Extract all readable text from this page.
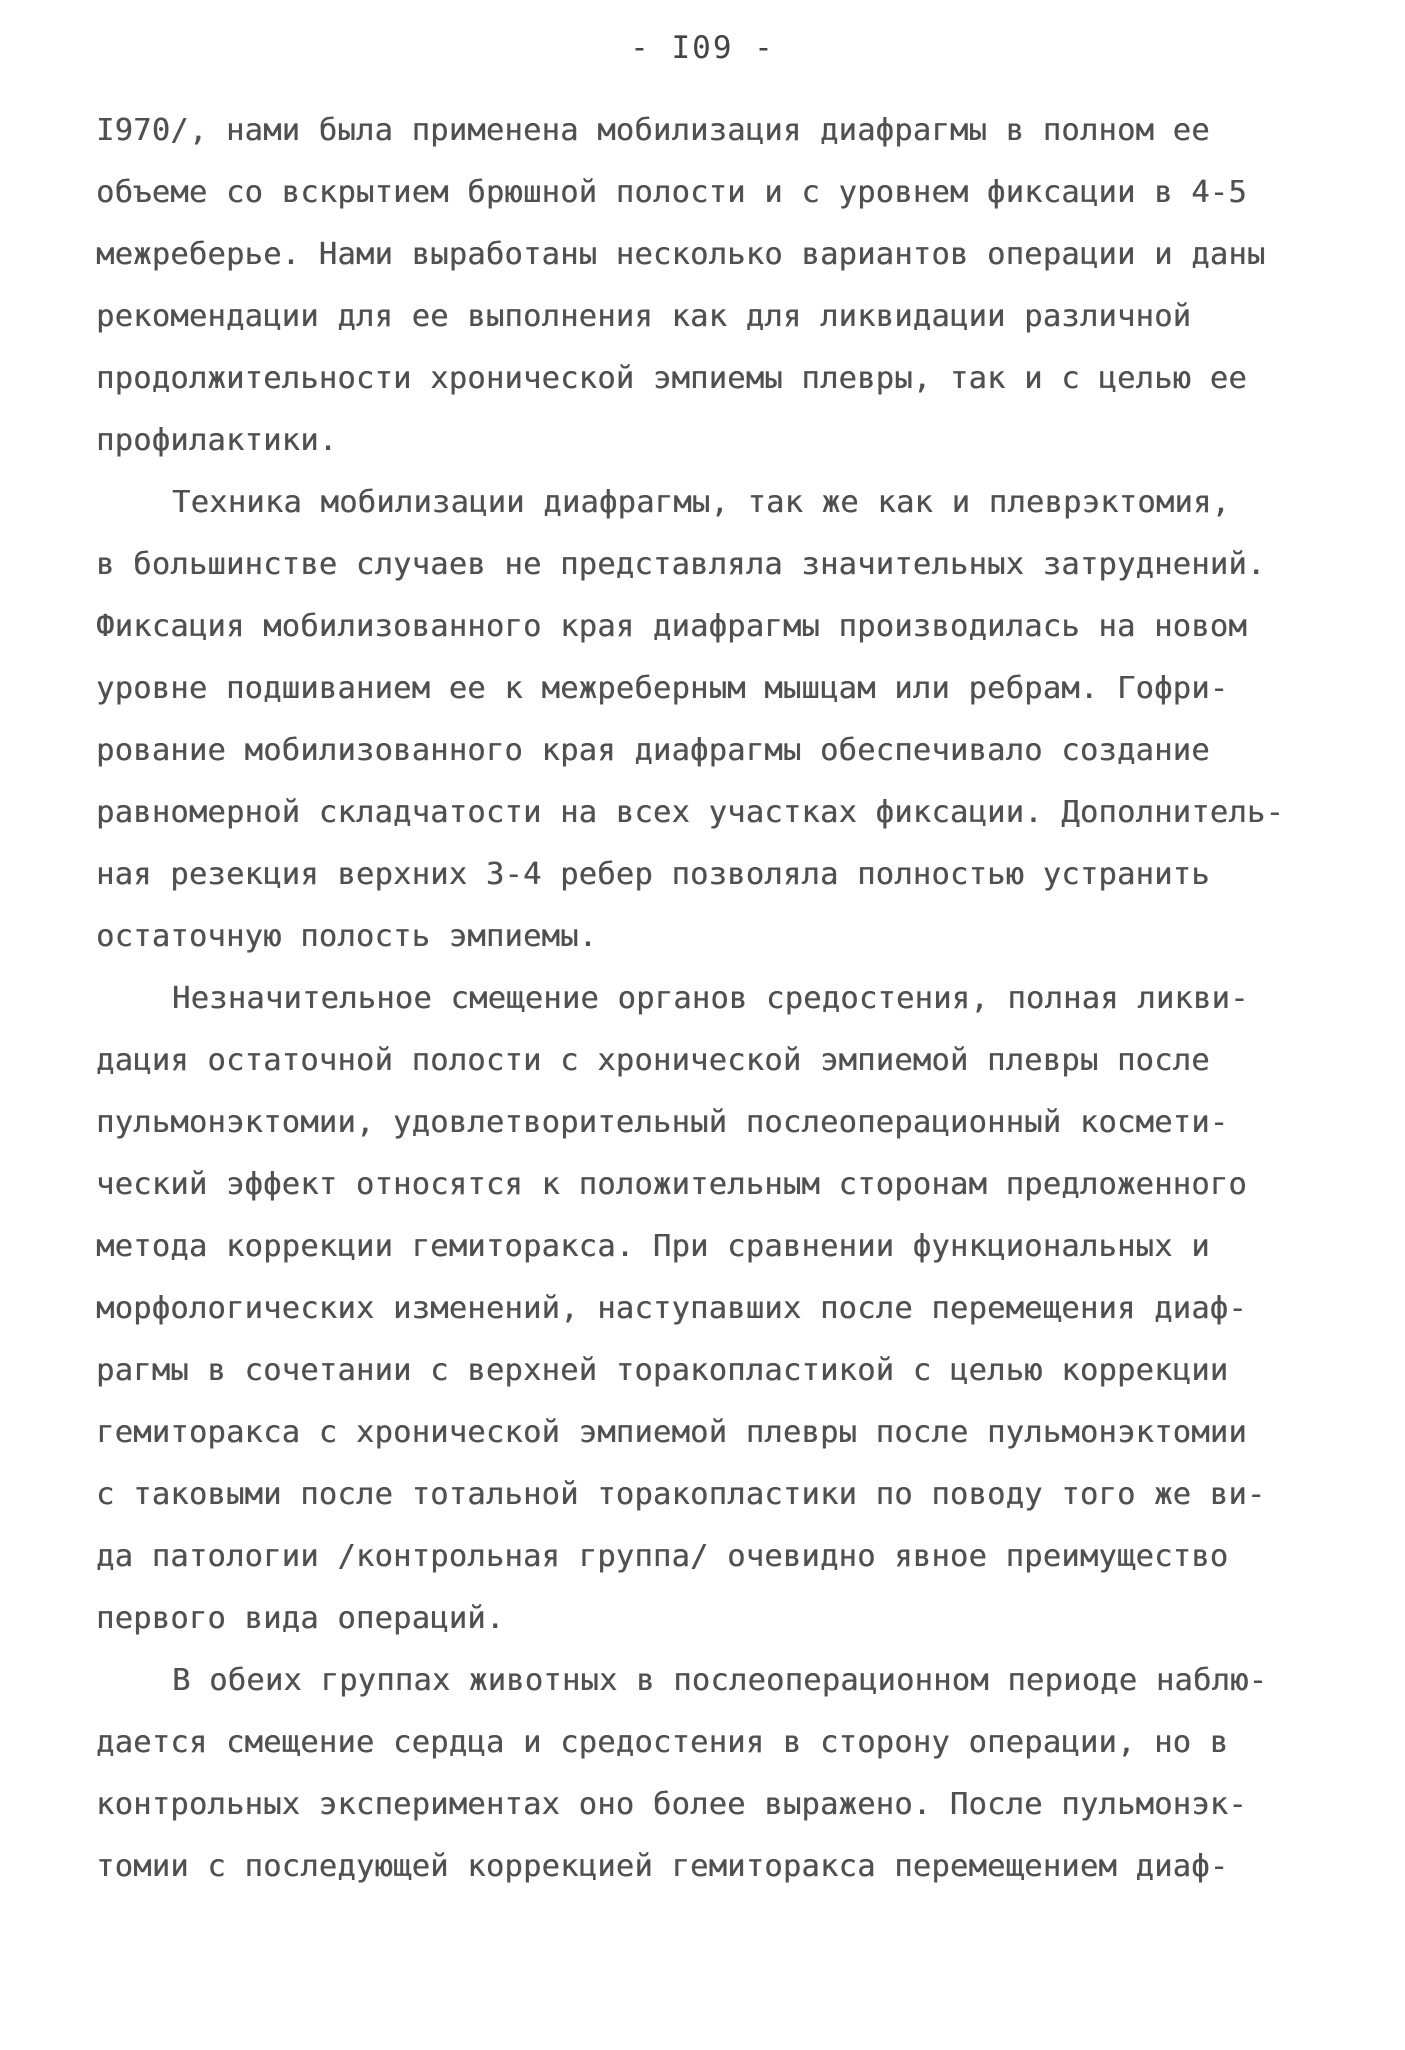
- I09 -
I970/, нами была применена мобилизация диафрагмы в полном ее
объеме со вскрытием брюшной полости и с уровнем фиксации в 4-5
межреберье. Нами выработаны несколько вариантов операции и даны
рекомендации для ее выполнения как для ликвидации различной
продолжительности хронической эмпиемы плевры, так и с целью ее
профилактики.
Техника мобилизации диафрагмы, так же как и плеврэктомия,
в большинстве случаев не представляла значительных затруднений.
Фиксация мобилизованного края диафрагмы производилась на новом
уровне подшиванием ее к межреберным мышцам или ребрам. Гофри-
рование мобилизованного края диафрагмы обеспечивало создание
равномерной складчатости на всех участках фиксации. Дополнитель-
ная резекция верхних 3-4 ребер позволяла полностью устранить
остаточную полость эмпиемы.
Незначительное смещение органов средостения, полная ликви-
дация остаточной полости с хронической эмпиемой плевры после
пульмонэктомии, удовлетворительный послеоперационный космети-
ческий эффект относятся к положительным сторонам предложенного
метода коррекции гемиторакса. При сравнении функциональных и
морфологических изменений, наступавших после перемещения диаф-
рагмы в сочетании с верхней торакопластикой с целью коррекции
гемиторакса с хронической эмпиемой плевры после пульмонэктомии
с таковыми после тотальной торакопластики по поводу того же ви-
да патологии /контрольная группа/ очевидно явное преимущество
первого вида операций.
В обеих группах животных в послеоперационном периоде наблю-
дается смещение сердца и средостения в сторону операции, но в
контрольных экспериментах оно более выражено. После пульмонэк-
томии с последующей коррекцией гемиторакса перемещением диаф-
